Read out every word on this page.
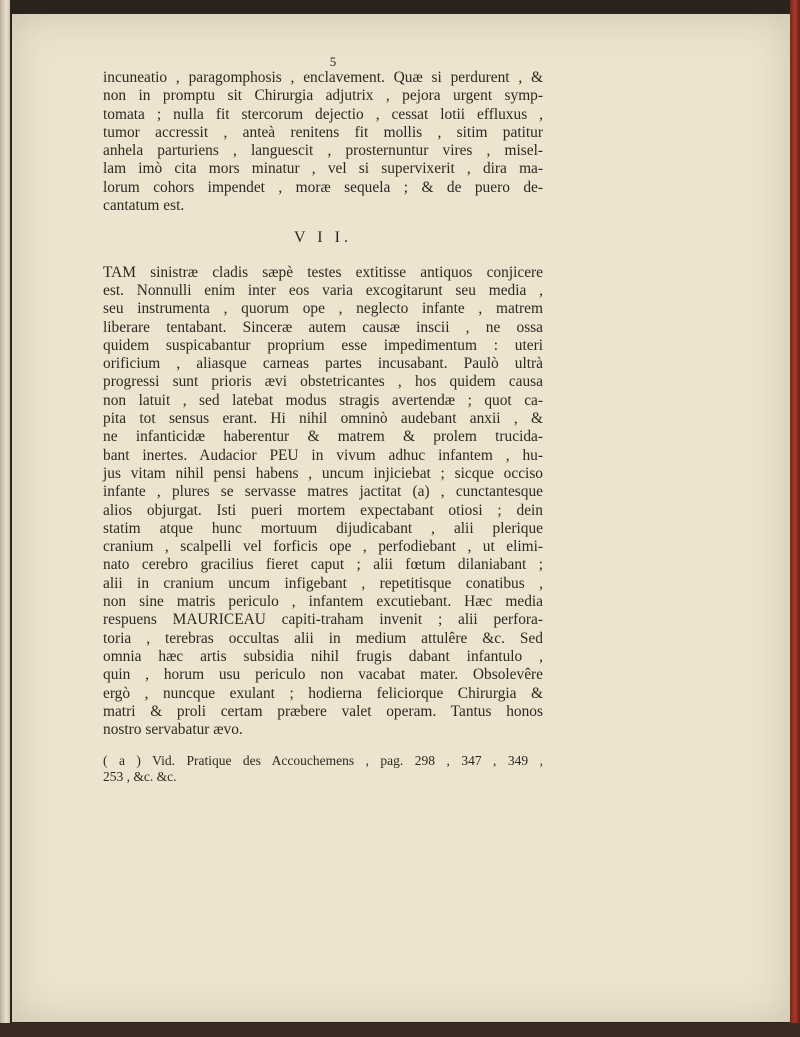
5
incuneatio , paragomphosis , enclavement. Quæ si perdurent , &
non in promptu sit Chirurgia adjutrix , pejora urgent symp-
tomata ; nulla fit stercorum dejectio , cessat lotii effluxus ,
tumor accressit , anteà renitens fit mollis , sitim patitur
anhela parturiens , languescit , prosternuntur vires , misel-
lam imò cita mors minatur , vel si supervixerit , dira ma-
lorum cohors impendet , moræ sequela ; & de puero de-
cantatum est.
V I I.
TAM sinistræ cladis sæpè testes extitisse antiquos conjicere
est. Nonnulli enim inter eos varia excogitarunt seu media ,
seu instrumenta , quorum ope , neglecto infante , matrem
liberare tentabant. Sinceræ autem causæ inscii , ne ossa
quidem suspicabantur proprium esse impedimentum : uteri
orificium , aliasque carneas partes incusabant. Paulò ultrà
progressi sunt prioris ævi obstetricantes , hos quidem causa
non latuit , sed latebat modus stragis avertendæ ; quot ca-
pita tot sensus erant. Hi nihil omninò audebant anxii , &
ne infanticidæ haberentur & matrem & prolem trucida-
bant inertes. Audacior PEU in vivum adhuc infantem , hu-
jus vitam nihil pensi habens , uncum injiciebat ; sicque occiso
infante , plures se servasse matres jactitat (a) , cunctantesque
alios objurgat. Isti pueri mortem expectabant otiosi ; dein
statim atque hunc mortuum dijudicabant , alii plerique
cranium , scalpelli vel forficis ope , perfodiebant , ut elimi-
nato cerebro gracilius fieret caput ; alii fœtum dilaniabant ;
alii in cranium uncum infigebant , repetitisque conatibus ,
non sine matris periculo , infantem excutiebant. Hæc media
respuens MAURICEAU capiti-traham invenit ; alii perfora-
toria , terebras occultas alii in medium attulêre &c. Sed
omnia hæc artis subsidia nihil frugis dabant infantulo ,
quin , horum usu periculo non vacabat mater. Obsolevêre
ergò , nuncque exulant ; hodierna feliciorque Chirurgia &
matri & proli certam præbere valet operam. Tantus honos
nostro servabatur ævo.
( a ) Vid. Pratique des Accouchemens , pag. 298 , 347 , 349 ,
253 , &c. &c.
